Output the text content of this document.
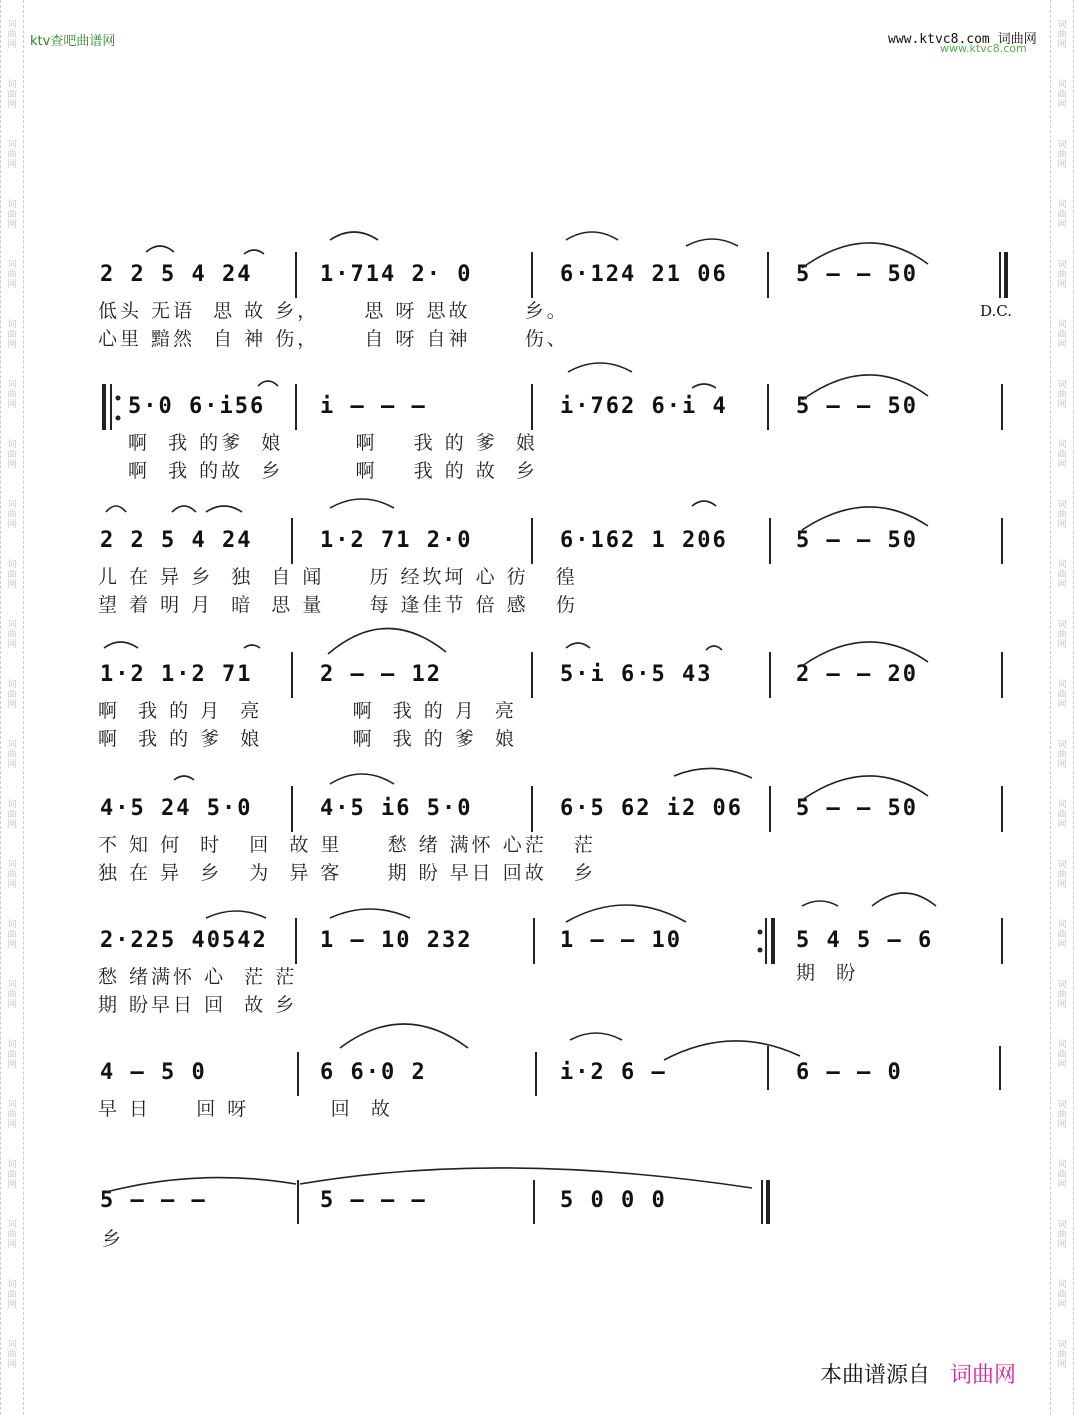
词
曲
网
词
曲
网
词
曲
网
词
曲
网
词
曲
网
词
曲
网
词
曲
网
词
曲
网
词
曲
网
词
曲
网
词
曲
网
词
曲
网
词
曲
网
词
曲
网
词
曲
网
词
曲
网
词
曲
网
词
曲
网
词
曲
网
词
曲
网
词
曲
网
词
曲
网
词
曲
网
词
曲
网
词
曲
网
词
曲
网
词
曲
网
词
曲
网
词
曲
网
词
曲
网
词
曲
网
词
曲
网
词
曲
网
词
曲
网
词
曲
网
词
曲
网
词
曲
网
词
曲
网
词
曲
网
词
曲
网
词
曲
网
词
曲
网
词
曲
网
词
曲
网
词
曲
网
词
曲
网
ktv查吧曲谱网	www.ktvc8.com 词曲网
www.ktvc8.com
2 2 5 4 24	1·714 2· 0	6·124 21 06	5 – – 50
低头 无语  思 故 乡，     思 呀 思故      乡。
心里 黯然  自 神 伤，     自 呀 自神      伤、
D.C.
5·0 6·i56 i – – –	i·762 6·i 4	5 – – 50
啊  我 的爹  娘        啊    我 的 爹  娘
啊  我 的故  乡        啊    我 的 故  乡
2 2 5 4 24	1·2 71 2·0	6·162 1 206	5 – – 50
儿 在 异 乡  独  自 闻     历 经坎坷 心 彷   徨
望 着 明 月  暗  思 量     每 逢佳节 倍 感   伤
1·2 1·2 71	2 – – 12	5·i 6·5 43	2 – – 20
啊  我 的 月  亮          啊  我 的 月  亮
啊  我 的 爹  娘          啊  我 的 爹  娘
4·5 24 5·0	4·5 i6 5·0	6·5 62 i2 06 5 – – 50
不 知 何  时   回  故 里     愁 绪 满怀 心茫   茫
独 在 异  乡   为  异 客     期 盼 早日 回故   乡
2·225 40542 1 – 10 232	1 – – 10	5 4 5 – 6
愁 绪满怀 心  茫 茫
期 盼早日 回  故 乡
期  盼
4 – 5 0	6 6·0 2	i·2 6 –	6 – – 0
早 日     回 呀         回  故
5 – – –	5 – – –	5 0 0 0
乡
本曲谱源自 词曲网
